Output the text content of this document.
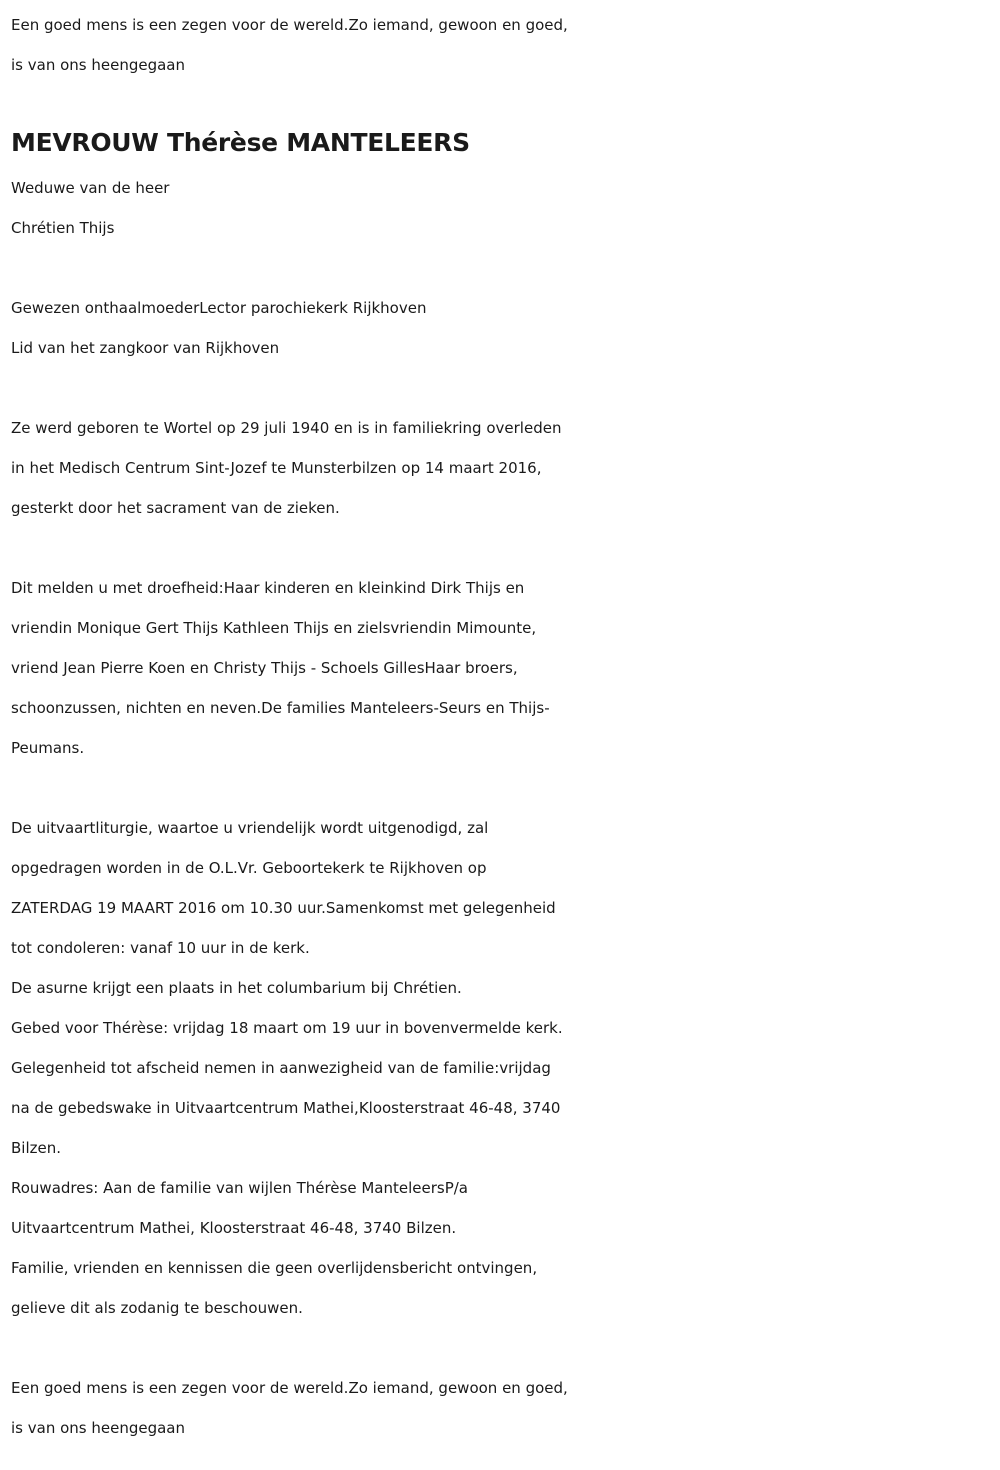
Een goed mens is een zegen voor de wereld.Zo iemand, gewoon en goed,
is van ons heengegaan
MEVROUW Thérèse MANTELEERS
Weduwe van de heer
Chrétien Thijs
Gewezen onthaalmoederLector parochiekerk Rijkhoven
Lid van het zangkoor van Rijkhoven
Ze werd geboren te Wortel op 29 juli 1940 en is in familiekring overleden
in het Medisch Centrum Sint-Jozef te Munsterbilzen op 14 maart 2016,
gesterkt door het sacrament van de zieken.
Dit melden u met droefheid:Haar kinderen en kleinkind Dirk Thijs en
vriendin Monique Gert Thijs Kathleen Thijs en zielsvriendin Mimounte,
vriend Jean Pierre Koen en Christy Thijs - Schoels GillesHaar broers,
schoonzussen, nichten en neven.De families Manteleers-Seurs en Thijs-
Peumans.
De uitvaartliturgie, waartoe u vriendelijk wordt uitgenodigd, zal
opgedragen worden in de O.L.Vr. Geboortekerk te Rijkhoven op
ZATERDAG 19 MAART 2016 om 10.30 uur.Samenkomst met gelegenheid
tot condoleren: vanaf 10 uur in de kerk.
De asurne krijgt een plaats in het columbarium bij Chrétien.
Gebed voor Thérèse: vrijdag 18 maart om 19 uur in bovenvermelde kerk.
Gelegenheid tot afscheid nemen in aanwezigheid van de familie:vrijdag
na de gebedswake in Uitvaartcentrum Mathei,Kloosterstraat 46-48, 3740
Bilzen.
Rouwadres: Aan de familie van wijlen Thérèse ManteleersP/a
Uitvaartcentrum Mathei, Kloosterstraat 46-48, 3740 Bilzen.
Familie, vrienden en kennissen die geen overlijdensbericht ontvingen,
gelieve dit als zodanig te beschouwen.
Een goed mens is een zegen voor de wereld.Zo iemand, gewoon en goed,
is van ons heengegaan
